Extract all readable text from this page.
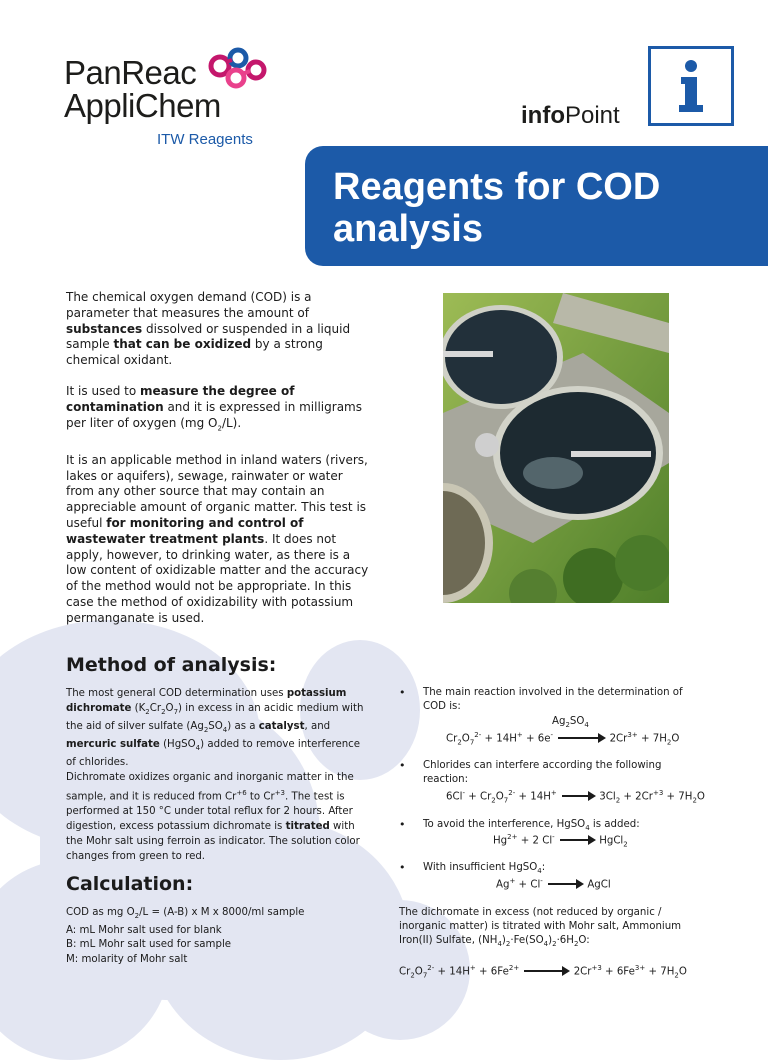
PanReac
AppliChem
ITW Reagents
infoPoint
Reagents for COD
analysis

The chemical oxygen demand (COD) is a parameter that measures the amount of substances dissolved or suspended in a liquid sample that can be oxidized by a strong chemical oxidant.

It is used to measure the degree of contamination and it is expressed in milligrams per liter of oxygen (mg $O_2/L$).

It is an applicable method in inland waters (rivers, lakes or aquifers), sewage, rainwater or water from any other source that may contain an appreciable amount of organic matter. This test is useful for monitoring and control of wastewater treatment plants. It does not apply, however, to drinking water, as there is a low content of oxidizable matter and the accuracy of the method would not be appropriate. In this case the method of oxidizability with potassium permanganate is used.

Method of analysis:
The most general COD determination uses potassium dichromate $(K_2Cr_2O_7)$ in excess in an acidic medium with the aid of silver sulfate $(Ag_2SO_4)$ as a catalyst, and mercuric sulfate (HgSO$_4$) added to remove interference of chlorides.
Dichromate oxidizes organic and inorganic matter in the sample, and it is reduced from $Cr^{+6}$ to $Cr^{+3}$. The test is performed at 150 °C under total reflux for 2 hours. After digestion, excess potassium dichromate is titrated with the Mohr salt using ferroin as indicator. The solution color changes from green to red.
Calculation:
COD as mg $O_2/L = (A-B)$ x M x 8000/ml sample
A: mL Mohr salt used for blank
B: mL Mohr salt used for sample
M: molarity of Mohr salt
• The main reaction involved in the determination of COD is:
$Ag_2SO_4$
$Cr_2O_7^{2-} + 14H^+ + 6e^-$	$2Cr^{3+} + 7H_2O$
• Chlorides can interfere according the following reaction:
$6Cl^- + Cr_2O_7^{2-} + 14H^+ \to 3Cl_2 + 2Cr^{+3} + 7H_2O$
• To avoid the interference, HgSO$_4$ is added:
$Hg^{2+} + 2$ Cl- → HgCl$_2$
• With insufficient HgSO$_4$:
Ag+ + Cl- → AgCl
The dichromate in excess (not reduced by organic / inorganic matter) is titrated with Mohr salt, Ammonium Iron(II) Sulfate, $(NH_4)_2\cdot Fe(SO_4)_2\cdot 6H_2O$:
$Cr_2O_7^{2-} + 14H^+ + 6Fe^{2+}$	$2Cr^{+3} + 6Fe^{3+} + 7H_2O$
